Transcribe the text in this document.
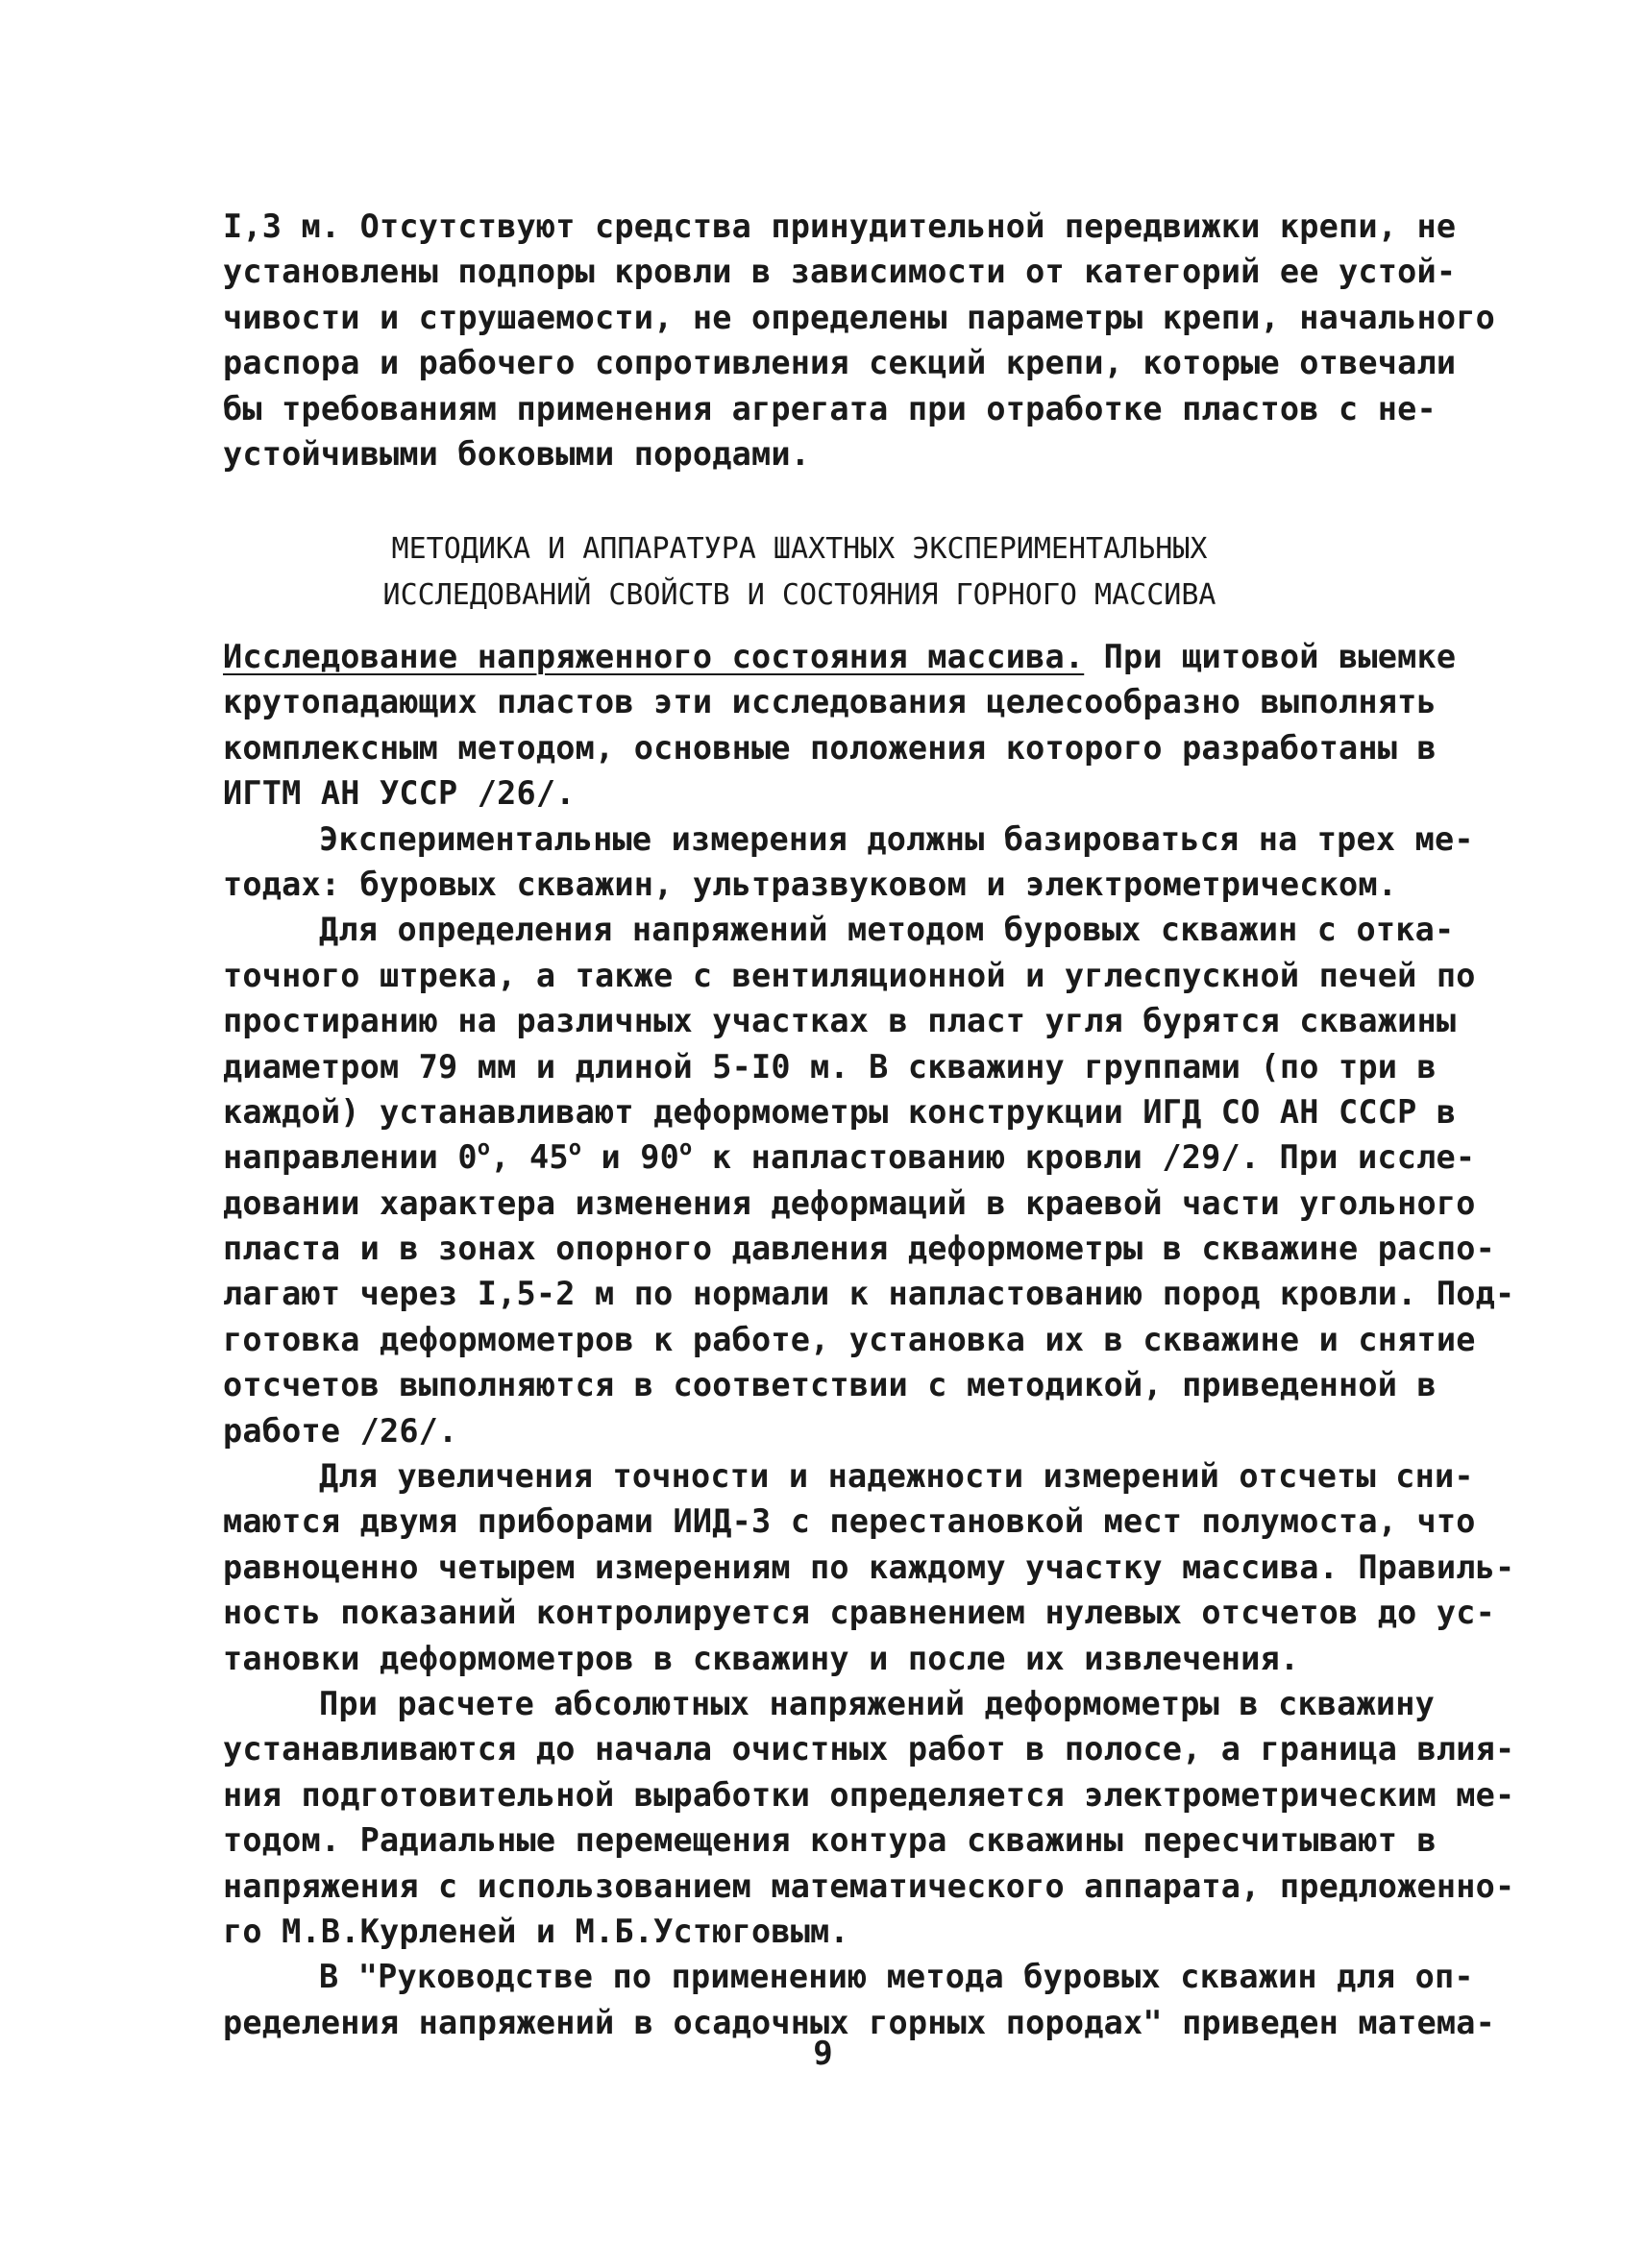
І,3 м. Отсутствуют средства принудительной передвижки крепи, не
установлены подпоры кровли в зависимости от категорий ее устой-
чивости и струшаемости, не определены параметры крепи, начального
распора и рабочего сопротивления секций крепи, которые отвечали
бы требованиям применения агрегата при отработке пластов с не-
устойчивыми боковыми породами.
МЕТОДИКА И АППАРАТУРА ШАХТНЫХ ЭКСПЕРИМЕНТАЛЬНЫХ
ИССЛЕДОВАНИЙ СВОЙСТВ И СОСТОЯНИЯ ГОРНОГО МАССИВА
Исследование напряженного состояния массива. При щитовой выемке
крутопадающих пластов эти исследования целесообразно выполнять
комплексным методом, основные положения которого разработаны в
ИГТМ АН УССР /26/.
Экспериментальные измерения должны базироваться на трех ме-
тодах: буровых скважин, ультразвуковом и электрометрическом.
Для определения напряжений методом буровых скважин с отка-
точного штрека, а также с вентиляционной и углеспускной печей по
простиранию на различных участках в пласт угля бурятся скважины
диаметром 79 мм и длиной 5-І0 м. В скважину группами (по три в
каждой) устанавливают деформометры конструкции ИГД СО АН СССР в
направлении $0^о$, $45^о$ и $90^о$ к напластованию кровли /29/. При иссле-
довании характера изменения деформаций в краевой части угольного
пласта и в зонах опорного давления деформометры в скважине распо-
лагают через І,5-2 м по нормали к напластованию пород кровли. Под-
готовка деформометров к работе, установка их в скважине и снятие
отсчетов выполняются в соответствии с методикой, приведенной в
работе /26/.
Для увеличения точности и надежности измерений отсчеты сни-
маются двумя приборами ИИД-3 с перестановкой мест полумоста, что
равноценно четырем измерениям по каждому участку массива. Правиль-
ность показаний контролируется сравнением нулевых отсчетов до ус-
тановки деформометров в скважину и после их извлечения.
При расчете абсолютных напряжений деформометры в скважину
устанавливаются до начала очистных работ в полосе, а граница влия-
ния подготовительной выработки определяется электрометрическим ме-
тодом. Радиальные перемещения контура скважины пересчитывают в
напряжения с использованием математического аппарата, предложенно-
го М.В.Курленей и М.Б.Устюговым.
В "Руководстве по применению метода буровых скважин для оп-
ределения напряжений в осадочных горных породах" приведен матема-
9
